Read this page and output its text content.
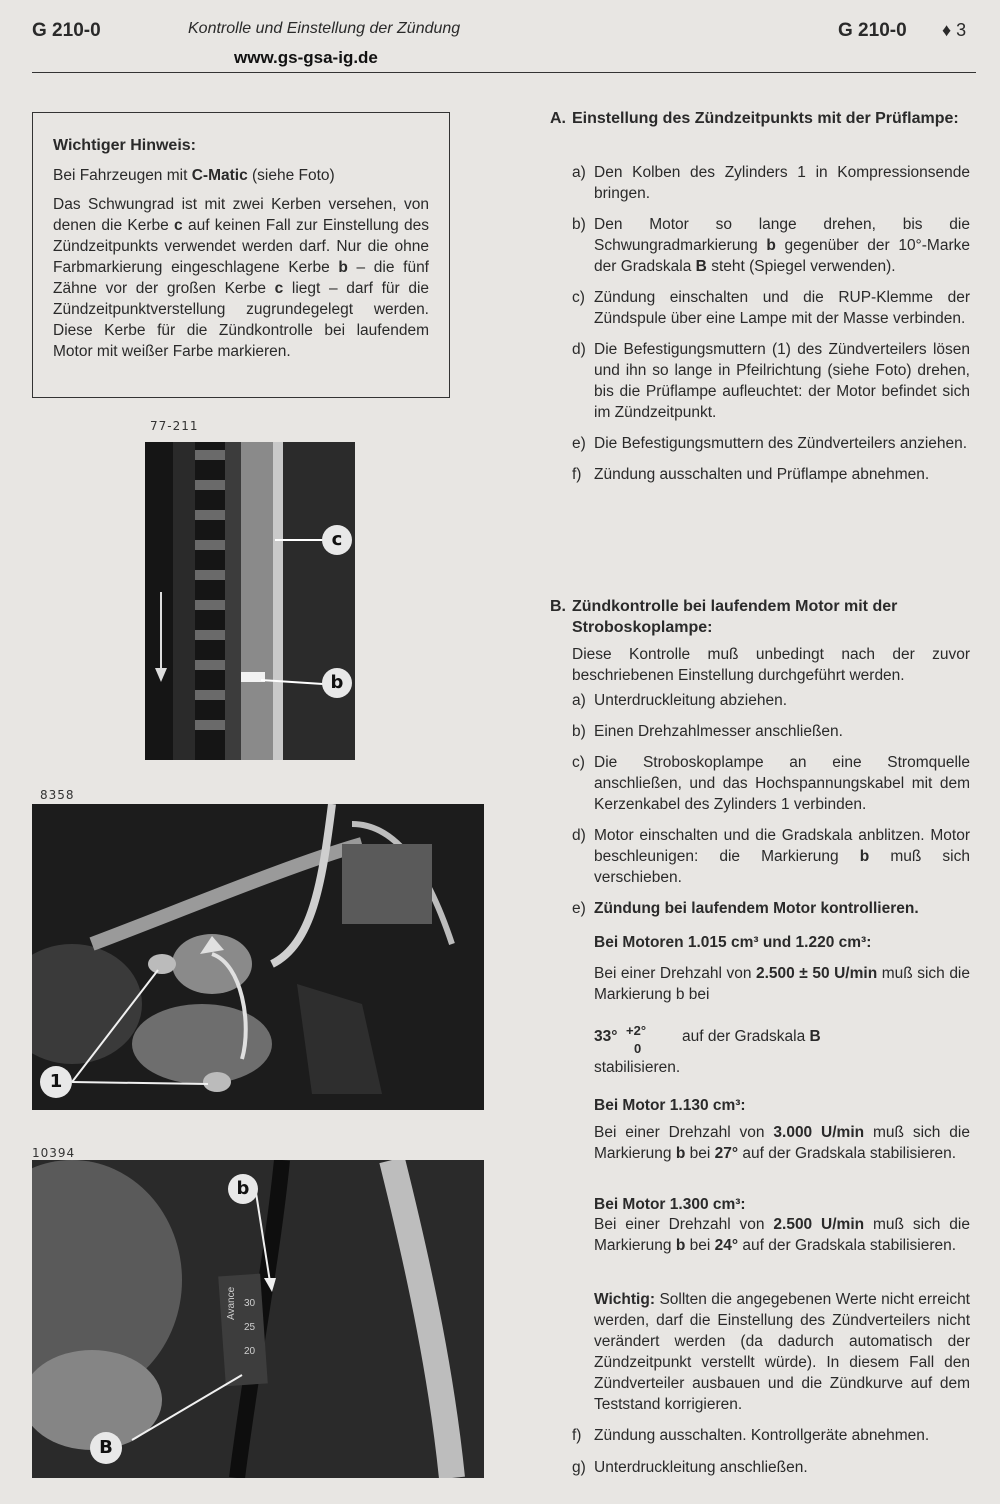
G 210-0	Kontrolle und Einstellung der Zündung	G 210-0 ♦ 3
www.gs-gsa-ig.de

Wichtiger Hinweis:

Bei Fahrzeugen mit C-Matic (siehe Foto)

Das Schwungrad ist mit zwei Kerben versehen, von denen die Kerbe c auf keinen Fall zur Einstellung des Zündzeitpunkts verwendet werden darf. Nur die ohne Farbmarkierung eingeschlagene Kerbe b – die fünf Zähne vor der großen Kerbe c liegt – darf für die Zündzeitpunktverstellung zugrundegelegt werden. Diese Kerbe für die Zündkontrolle bei laufendem Motor mit weißer Farbe markieren.

77-211
c
b
8358
1
10394
b
B
Avance 30
25
20
A. Einstellung des Zündzeitpunkts mit der Prüflampe:
a) Den Kolben des Zylinders 1 in Kompressionsende bringen.
b) Den Motor so lange drehen, bis die Schwungradmarkierung b gegenüber der 10°-Marke der Gradskala B steht (Spiegel verwenden).
c) Zündung einschalten und die RUP-Klemme der Zündspule über eine Lampe mit der Masse verbinden.
d) Die Befestigungsmuttern (1) des Zündverteilers lösen und ihn so lange in Pfeilrichtung (siehe Foto) drehen, bis die Prüflampe aufleuchtet: der Motor befindet sich im Zündzeitpunkt.
e) Die Befestigungsmuttern des Zündverteilers anziehen.
f) Zündung ausschalten und Prüflampe abnehmen.
B. Zündkontrolle bei laufendem Motor mit der Stroboskoplampe:
Diese Kontrolle muß unbedingt nach der zuvor beschriebenen Einstellung durchgeführt werden.
a) Unterdruckleitung abziehen.
b) Einen Drehzahlmesser anschließen.
c) Die Stroboskoplampe an eine Stromquelle anschließen, und das Hochspannungskabel mit dem Kerzenkabel des Zylinders 1 verbinden.
d) Motor einschalten und die Gradskala anblitzen. Motor beschleunigen: die Markierung b muß sich verschieben.
e) Zündung bei laufendem Motor kontrollieren.
Bei Motoren 1.015 cm³ und 1.220 cm³:
Bei einer Drehzahl von 2.500 ± 50 U/min muß sich die Markierung b bei
33° +2°
0
auf der Gradskala B
stabilisieren.
Bei Motor 1.130 cm³:
Bei einer Drehzahl von 3.000 U/min muß sich die Markierung b bei 27° auf der Gradskala stabilisieren.
Bei Motor 1.300 cm³:
Bei einer Drehzahl von 2.500 U/min muß sich die Markierung b bei 24° auf der Gradskala stabilisieren.
Wichtig: Sollten die angegebenen Werte nicht erreicht werden, darf die Einstellung des Zündverteilers nicht verändert werden (da dadurch automatisch der Zündzeitpunkt verstellt würde). In diesem Fall den Zündverteiler ausbauen und die Zündkurve auf dem Teststand korrigieren.
f) Zündung ausschalten. Kontrollgeräte abnehmen.
g) Unterdruckleitung anschließen.
